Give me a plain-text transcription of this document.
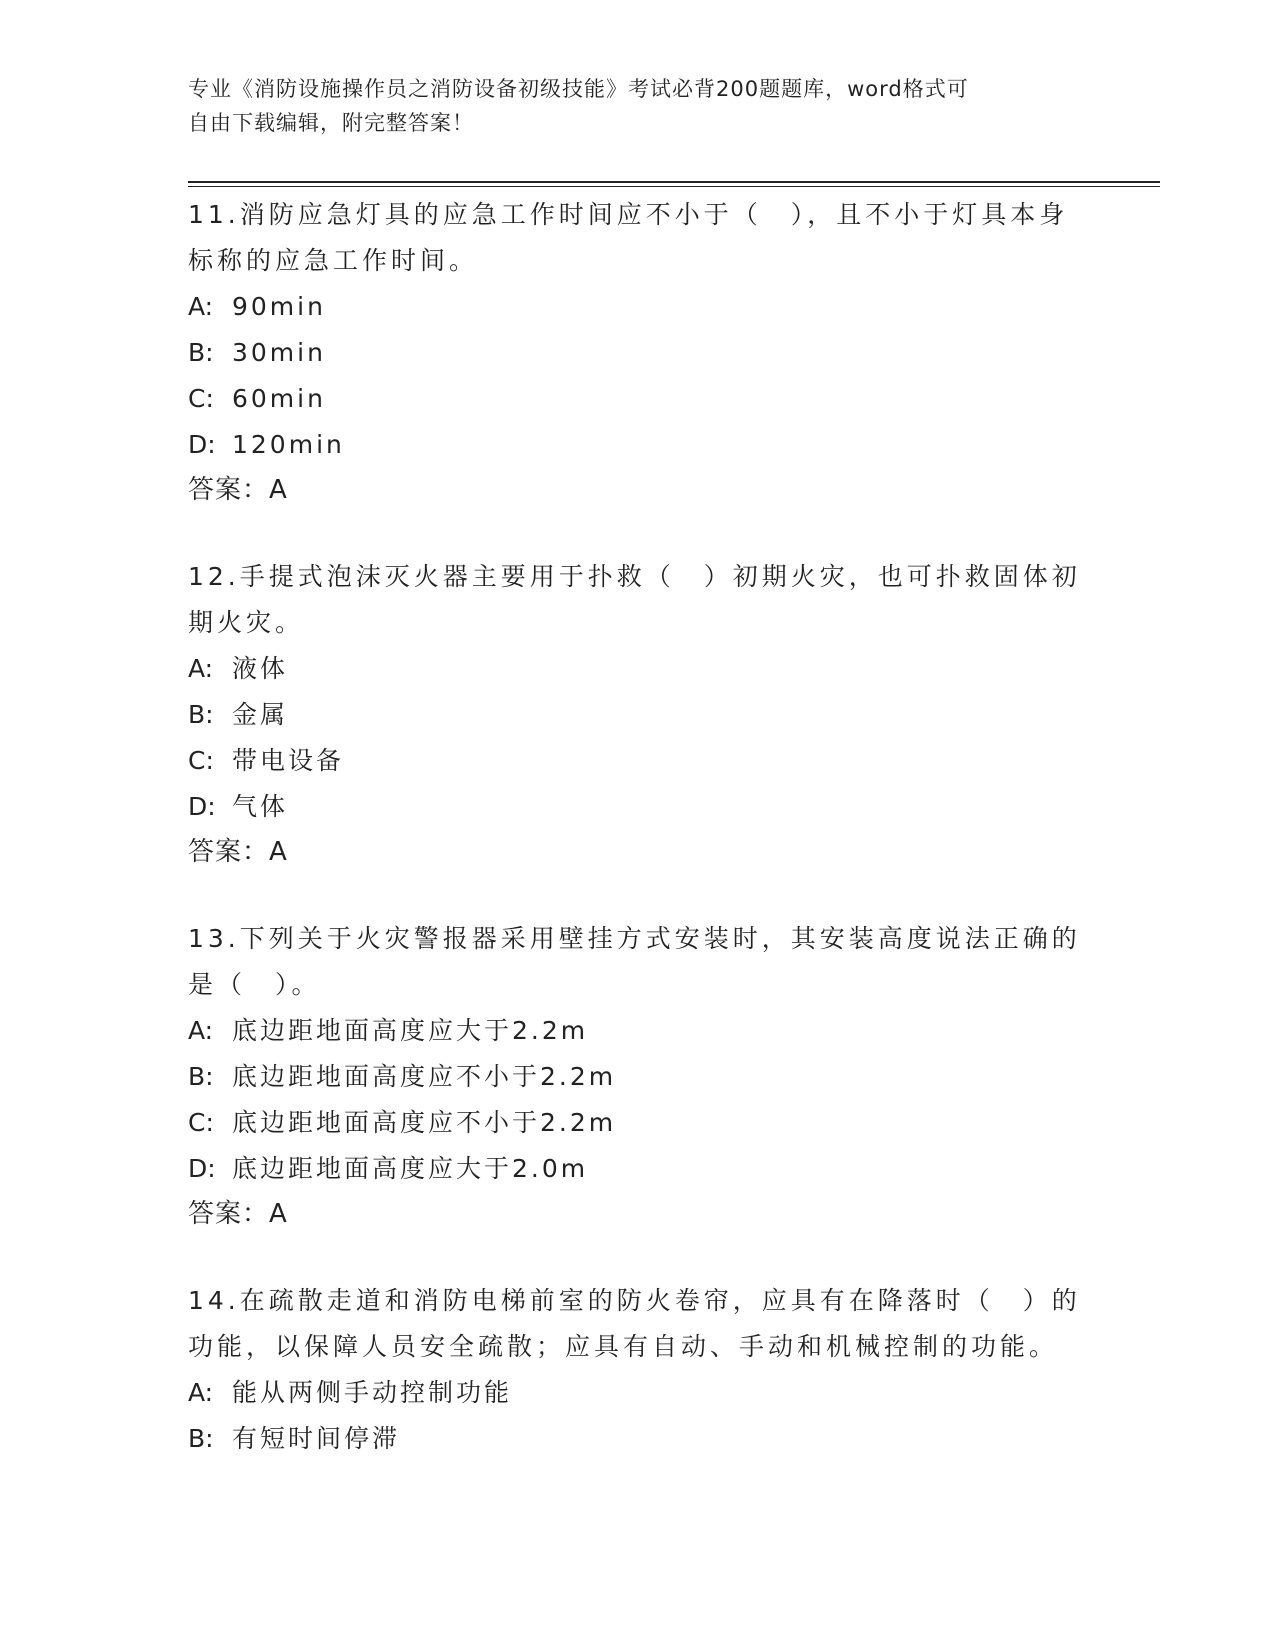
专业《消防设施操作员之消防设备初级技能》考试必背200题题库，word格式可
自由下载编辑，附完整答案！
11.消防应急灯具的应急工作时间应不小于（　），且不小于灯具本身标称的应急工作时间。
A: 90min
B: 30min
C: 60min
D: 120min
答案：A
12.手提式泡沫灭火器主要用于扑救（　）初期火灾，也可扑救固体初期火灾。
A: 液体
B: 金属
C: 带电设备
D: 气体
答案：A
13.下列关于火灾警报器采用壁挂方式安装时，其安装高度说法正确的是（　）。
A: 底边距地面高度应大于2.2m
B: 底边距地面高度应不小于2.2m
C: 底边距地面高度应不小于2.2m
D: 底边距地面高度应大于2.0m
答案：A
14.在疏散走道和消防电梯前室的防火卷帘，应具有在降落时（　）的功能，以保障人员安全疏散；应具有自动、手动和机械控制的功能。
A: 能从两侧手动控制功能
B: 有短时间停滞
